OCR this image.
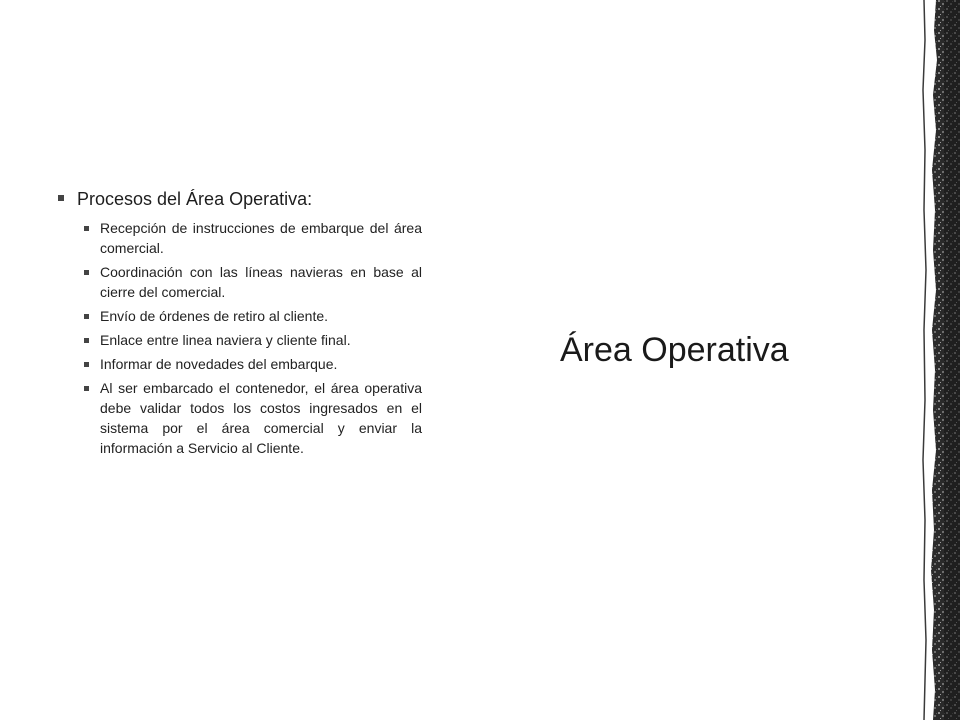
Procesos del Área Operativa:
Recepción de instrucciones de embarque del área comercial.
Coordinación con las líneas navieras en base al cierre del comercial.
Envío de órdenes de retiro al cliente.
Enlace entre linea naviera y cliente final.
Informar de novedades del embarque.
Al ser embarcado el contenedor, el área operativa debe validar todos los costos ingresados en el sistema por el área comercial y enviar la información a Servicio al Cliente.
Área Operativa
